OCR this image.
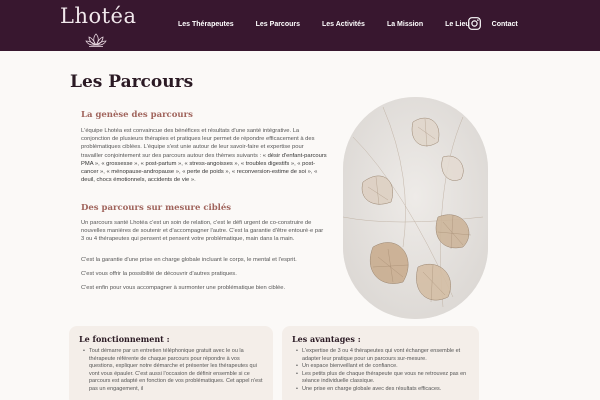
Lhotéa	Les Thérapeutes	Les Parcours	Les Activités	La Mission	Le Lieu	Contact
Les Parcours
La genèse des parcours

L'équipe Lhotéa est convaincue des bénéfices et résultats d'une santé intégrative. La conjonction de plusieurs thérapies et pratiques leur permet de répondre efficacement à des problématiques ciblées. L'équipe s'est unie autour de leur savoir-faire et expertise pour travailler conjointement sur des parcours autour des thèmes suivants : « désir d'enfant-parcours PMA », « grossesse », « post-partum », « stress-angoisses », « troubles digestifs », « post-cancer », « ménopause-andropause », « perte de poids », « reconversion-estime de soi », « deuil, chocs émotionnels, accidents de vie ».

Des parcours sur mesure ciblés

Un parcours santé Lhotéa c'est un soin de relation, c'est le défi urgent de co-construire de nouvelles manières de soutenir et d'accompagner l'autre. C'est la garantie d'être entouré·e par 3 ou 4 thérapeutes qui pensent et pensent votre problématique, main dans la main.

C'est la garantie d'une prise en charge globale incluant le corps, le mental et l'esprit.

C'est vous offrir la possibilité de découvrir d'autres pratiques.

C'est enfin pour vous accompagner à surmonter une problématique bien ciblée.

Le fonctionnement :
• Tout démarre par un entretien téléphonique gratuit avec le ou la thérapeute référente de chaque parcours pour répondre à vos questions, expliquer notre démarche et présenter les thérapeutes qui vont vous épauler. C'est aussi l'occasion de définir ensemble si ce parcours est adapté en fonction de vos problématiques. Cet appel n'est pas un engagement, il
Les avantages :
• L'expertise de 3 ou 4 thérapeutes qui vont échanger ensemble et adapter leur pratique pour un parcours sur-mesure.
• Un espace bienveillant et de confiance.
• Les petits plus de chaque thérapeute que vous ne retrouvez pas en séance individuelle classique.
• Une prise en charge globale avec des résultats efficaces.
